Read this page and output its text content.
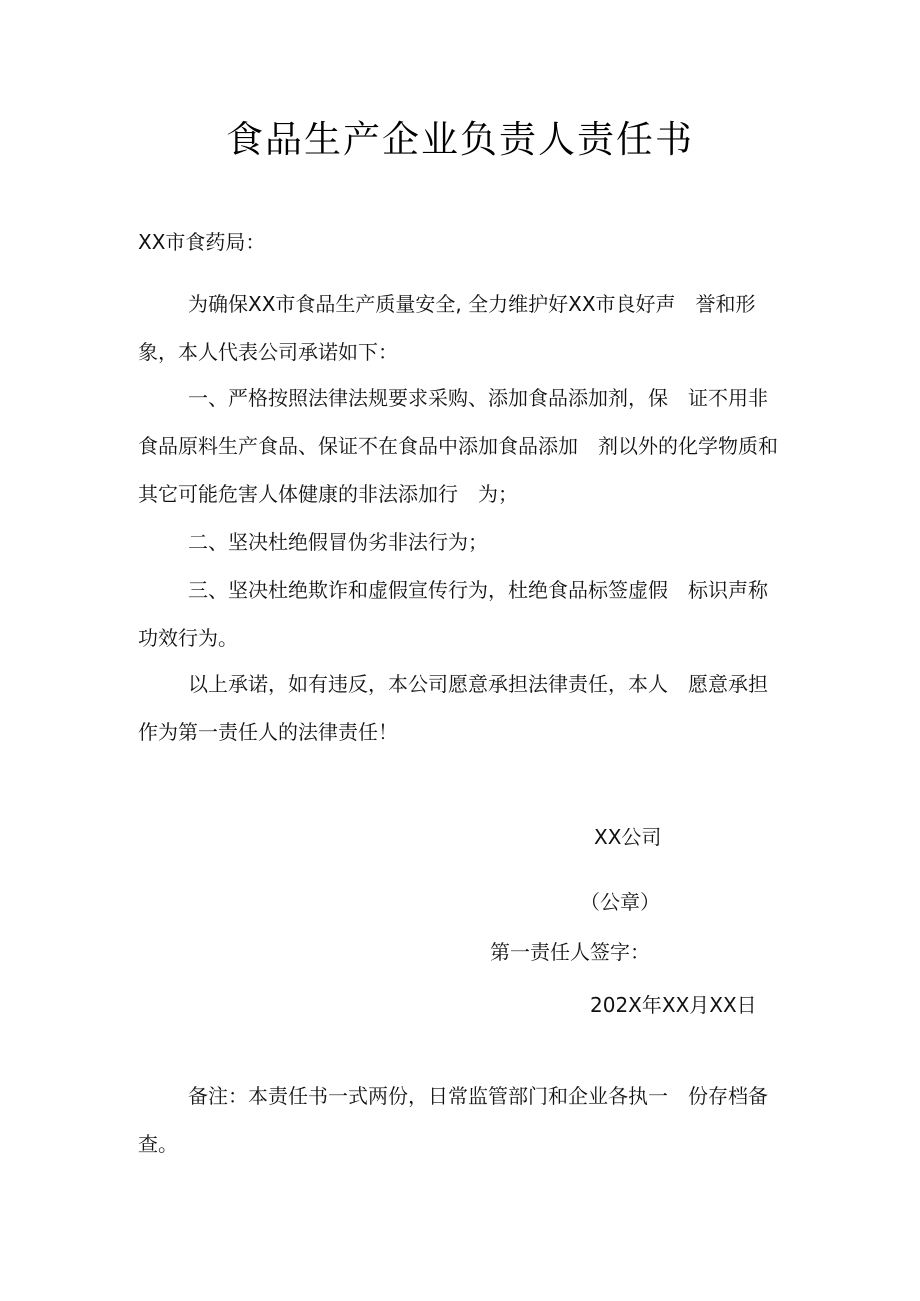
食品生产企业负责人责任书
XX市食药局：
为确保XX市食品生产质量安全, 全力维护好XX市良好声　誉和形象，本人代表公司承诺如下：
一、严格按照法律法规要求采购、添加食品添加剂，保　证不用非食品原料生产食品、保证不在食品中添加食品添加　剂以外的化学物质和其它可能危害人体健康的非法添加行　为；
二、坚决杜绝假冒伪劣非法行为；
三、坚决杜绝欺诈和虚假宣传行为，杜绝食品标签虚假　标识声称功效行为。
以上承诺，如有违反，本公司愿意承担法律责任，本人　愿意承担作为第一责任人的法律责任！
XX公司
（公章）
第一责任人签字：
202X年XX月XX日
备注：本责任书一式两份，日常监管部门和企业各执一　份存档备查。
